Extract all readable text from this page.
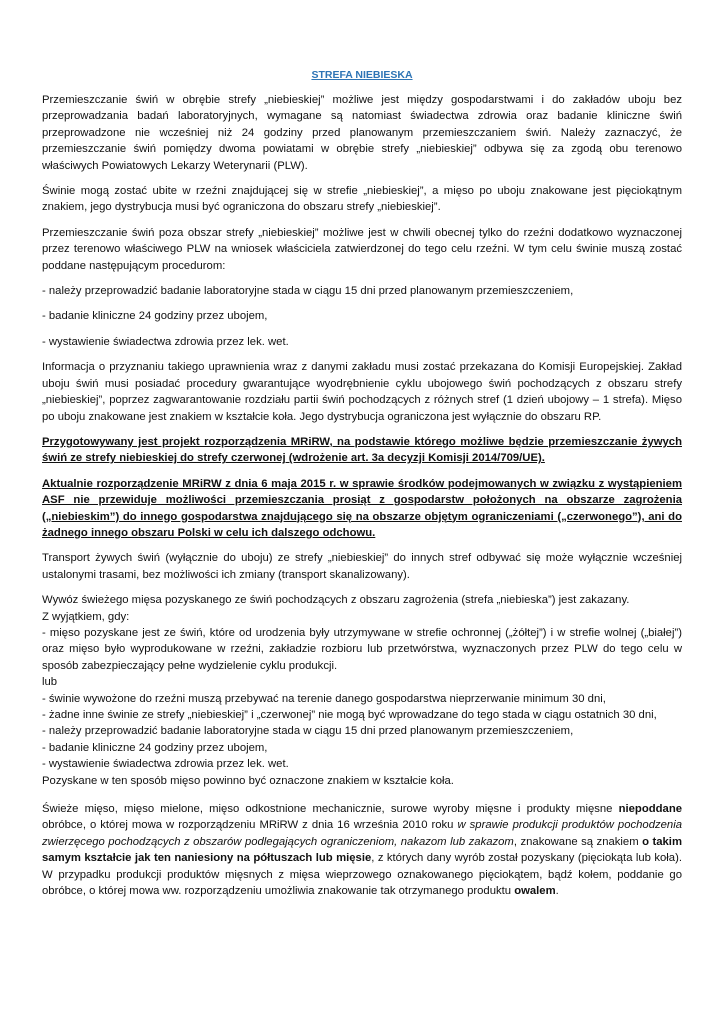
STREFA NIEBIESKA

Przemieszczanie świń w obrębie strefy „niebieskiej” możliwe jest między gospodarstwami i do zakładów uboju bez przeprowadzania badań laboratoryjnych, wymagane są natomiast świadectwa zdrowia oraz badanie kliniczne świń przeprowadzone nie wcześniej niż 24 godziny przed planowanym przemieszczaniem świń. Należy zaznaczyć, że przemieszczanie świń pomiędzy dwoma powiatami w obrębie strefy „niebieskiej” odbywa się za zgodą obu terenowo właściwych Powiatowych Lekarzy Weterynarii (PLW).

Świnie mogą zostać ubite w rzeźni znajdującej się w strefie „niebieskiej”, a mięso po uboju znakowane jest pięciokątnym znakiem, jego dystrybucja musi być ograniczona do obszaru strefy „niebieskiej”.

Przemieszczanie świń poza obszar strefy „niebieskiej” możliwe jest w chwili obecnej tylko do rzeźni dodatkowo wyznaczonej przez terenowo właściwego PLW na wniosek właściciela zatwierdzonej do tego celu rzeźni. W tym celu świnie muszą zostać poddane następującym procedurom:

- należy przeprowadzić badanie laboratoryjne stada w ciągu 15 dni przed planowanym przemieszczeniem,

- badanie kliniczne 24 godziny przez ubojem,

- wystawienie świadectwa zdrowia przez lek. wet.

Informacja o przyznaniu takiego uprawnienia wraz z danymi zakładu musi zostać przekazana do Komisji Europejskiej. Zakład uboju świń musi posiadać procedury gwarantujące wyodrębnienie cyklu ubojowego świń pochodzących z obszaru strefy „niebieskiej”, poprzez zagwarantowanie rozdziału partii świń pochodzących z różnych stref (1 dzień ubojowy – 1 strefa). Mięso po uboju znakowane jest znakiem w kształcie koła. Jego dystrybucja ograniczona jest wyłącznie do obszaru RP.

Przygotowywany jest projekt rozporządzenia MRiRW, na podstawie którego możliwe będzie przemieszczanie żywych świń ze strefy niebieskiej do strefy czerwonej (wdrożenie art. 3a decyzji Komisji 2014/709/UE).

Aktualnie rozporządzenie MRiRW z dnia 6 maja 2015 r. w sprawie środków podejmowanych w związku z wystąpieniem ASF nie przewiduje możliwości przemieszczania prosiąt z gospodarstw położonych na obszarze zagrożenia („niebieskim”) do innego gospodarstwa znajdującego się na obszarze objętym ograniczeniami („czerwonego”), ani do żadnego innego obszaru Polski w celu ich dalszego odchowu.

Transport żywych świń (wyłącznie do uboju) ze strefy „niebieskiej” do innych stref odbywać się może wyłącznie wcześniej ustalonymi trasami, bez możliwości ich zmiany (transport skanalizowany).

Wywóz świeżego mięsa pozyskanego ze świń pochodzących z obszaru zagrożenia (strefa „niebieska”) jest zakazany.

Z wyjątkiem, gdy:

- mięso pozyskane jest ze świń, które od urodzenia były utrzymywane w strefie ochronnej („żółtej”) i w strefie wolnej („białej”) oraz mięso było wyprodukowane w rzeźni, zakładzie rozbioru lub przetwórstwa, wyznaczonych przez PLW do tego celu w sposób zabezpieczający pełne wydzielenie cyklu produkcji.

lub

- świnie wywożone do rzeźni muszą przebywać na terenie danego gospodarstwa nieprzerwanie minimum 30 dni,

- żadne inne świnie ze strefy „niebieskiej” i „czerwonej” nie mogą być wprowadzane do tego stada w ciągu ostatnich 30 dni,

- należy przeprowadzić badanie laboratoryjne stada w ciągu 15 dni przed planowanym przemieszczeniem,

- badanie kliniczne 24 godziny przez ubojem,

- wystawienie świadectwa zdrowia przez lek. wet.

Pozyskane w ten sposób mięso powinno być oznaczone znakiem w kształcie koła.

Świeże mięso, mięso mielone, mięso odkostnione mechanicznie, surowe wyroby mięsne i produkty mięsne niepoddane obróbce, o której mowa w rozporządzeniu MRiRW z dnia 16 września 2010 roku w sprawie produkcji produktów pochodzenia zwierzęcego pochodzących z obszarów podlegających ograniczeniom, nakazom lub zakazom, znakowane są znakiem o takim samym kształcie jak ten naniesiony na półtuszach lub mięsie, z których dany wyrób został pozyskany (pięciokąta lub koła). W przypadku produkcji produktów mięsnych z mięsa wieprzowego oznakowanego pięciokątem, bądź kołem, poddanie go obróbce, o której mowa ww. rozporządzeniu umożliwia znakowanie tak otrzymanego produktu owalem.
